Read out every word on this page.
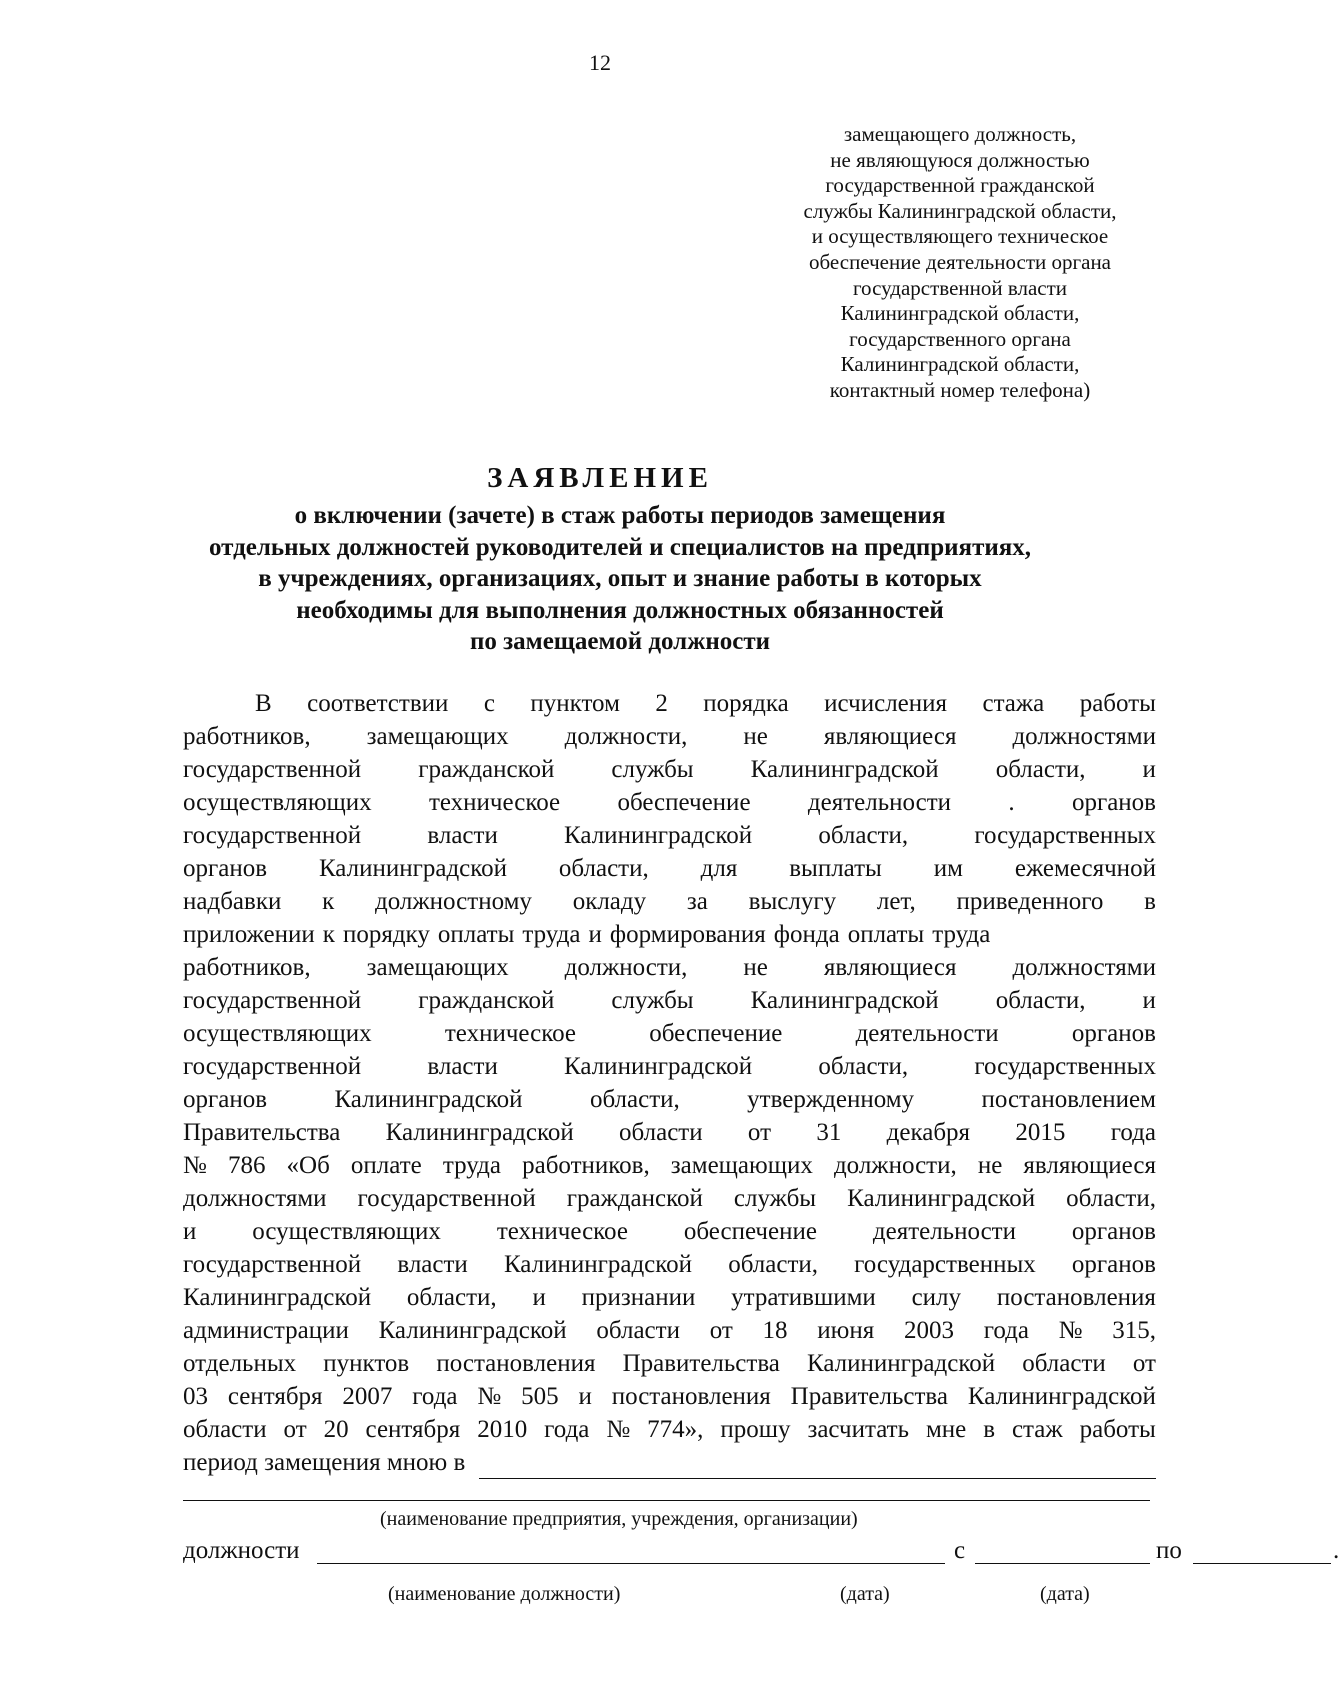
12
замещающего должность,
не являющуюся должностью
государственной гражданской
службы Калининградской области,
и осуществляющего техническое
обеспечение деятельности органа
государственной власти
Калининградской области,
государственного органа
Калининградской области,
контактный номер телефона)
ЗАЯВЛЕНИЕ
о включении (зачете) в стаж работы периодов замещения
отдельных должностей руководителей и специалистов на предприятиях,
в учреждениях, организациях, опыт и знание работы в которых
необходимы для выполнения должностных обязанностей
по замещаемой должности
В соответствии с пунктом 2 порядка исчисления стажа работы
работников, замещающих должности, не являющиеся должностями
государственной гражданской службы Калининградской области, и
осуществляющих техническое обеспечение деятельности . органов
государственной	власти	Калининградской	области,	государственных
органов Калининградской области, для выплаты им ежемесячной
надбавки к должностному окладу за выслугу лет, приведенного в
приложении к порядку оплаты труда и формирования фонда оплаты труда
работников, замещающих должности, не являющиеся должностями
государственной гражданской службы Калининградской области, и
осуществляющих	техническое	обеспечение	деятельности	органов
государственной	власти	Калининградской	области,	государственных
органов	Калининградской	области,	утвержденному	постановлением
Правительства Калининградской области от 31 декабря 2015 года
№ 786 «Об оплате труда работников, замещающих должности, не являющиеся
должностями государственной гражданской службы Калининградской области,
и осуществляющих техническое обеспечение деятельности органов
государственной власти Калининградской области, государственных органов
Калининградской области, и признании утратившими силу постановления
администрации Калининградской области от 18 июня 2003 года № 315,
отдельных пунктов постановления Правительства Калининградской области от
03 сентября 2007 года № 505 и постановления Правительства Калининградской
области от 20 сентября 2010 года № 774», прошу засчитать мне в стаж работы
период замещения мною в
(наименование предприятия, учреждения, организации)
должности	с	по	.
(наименование должности)	(дата)	(дата)
